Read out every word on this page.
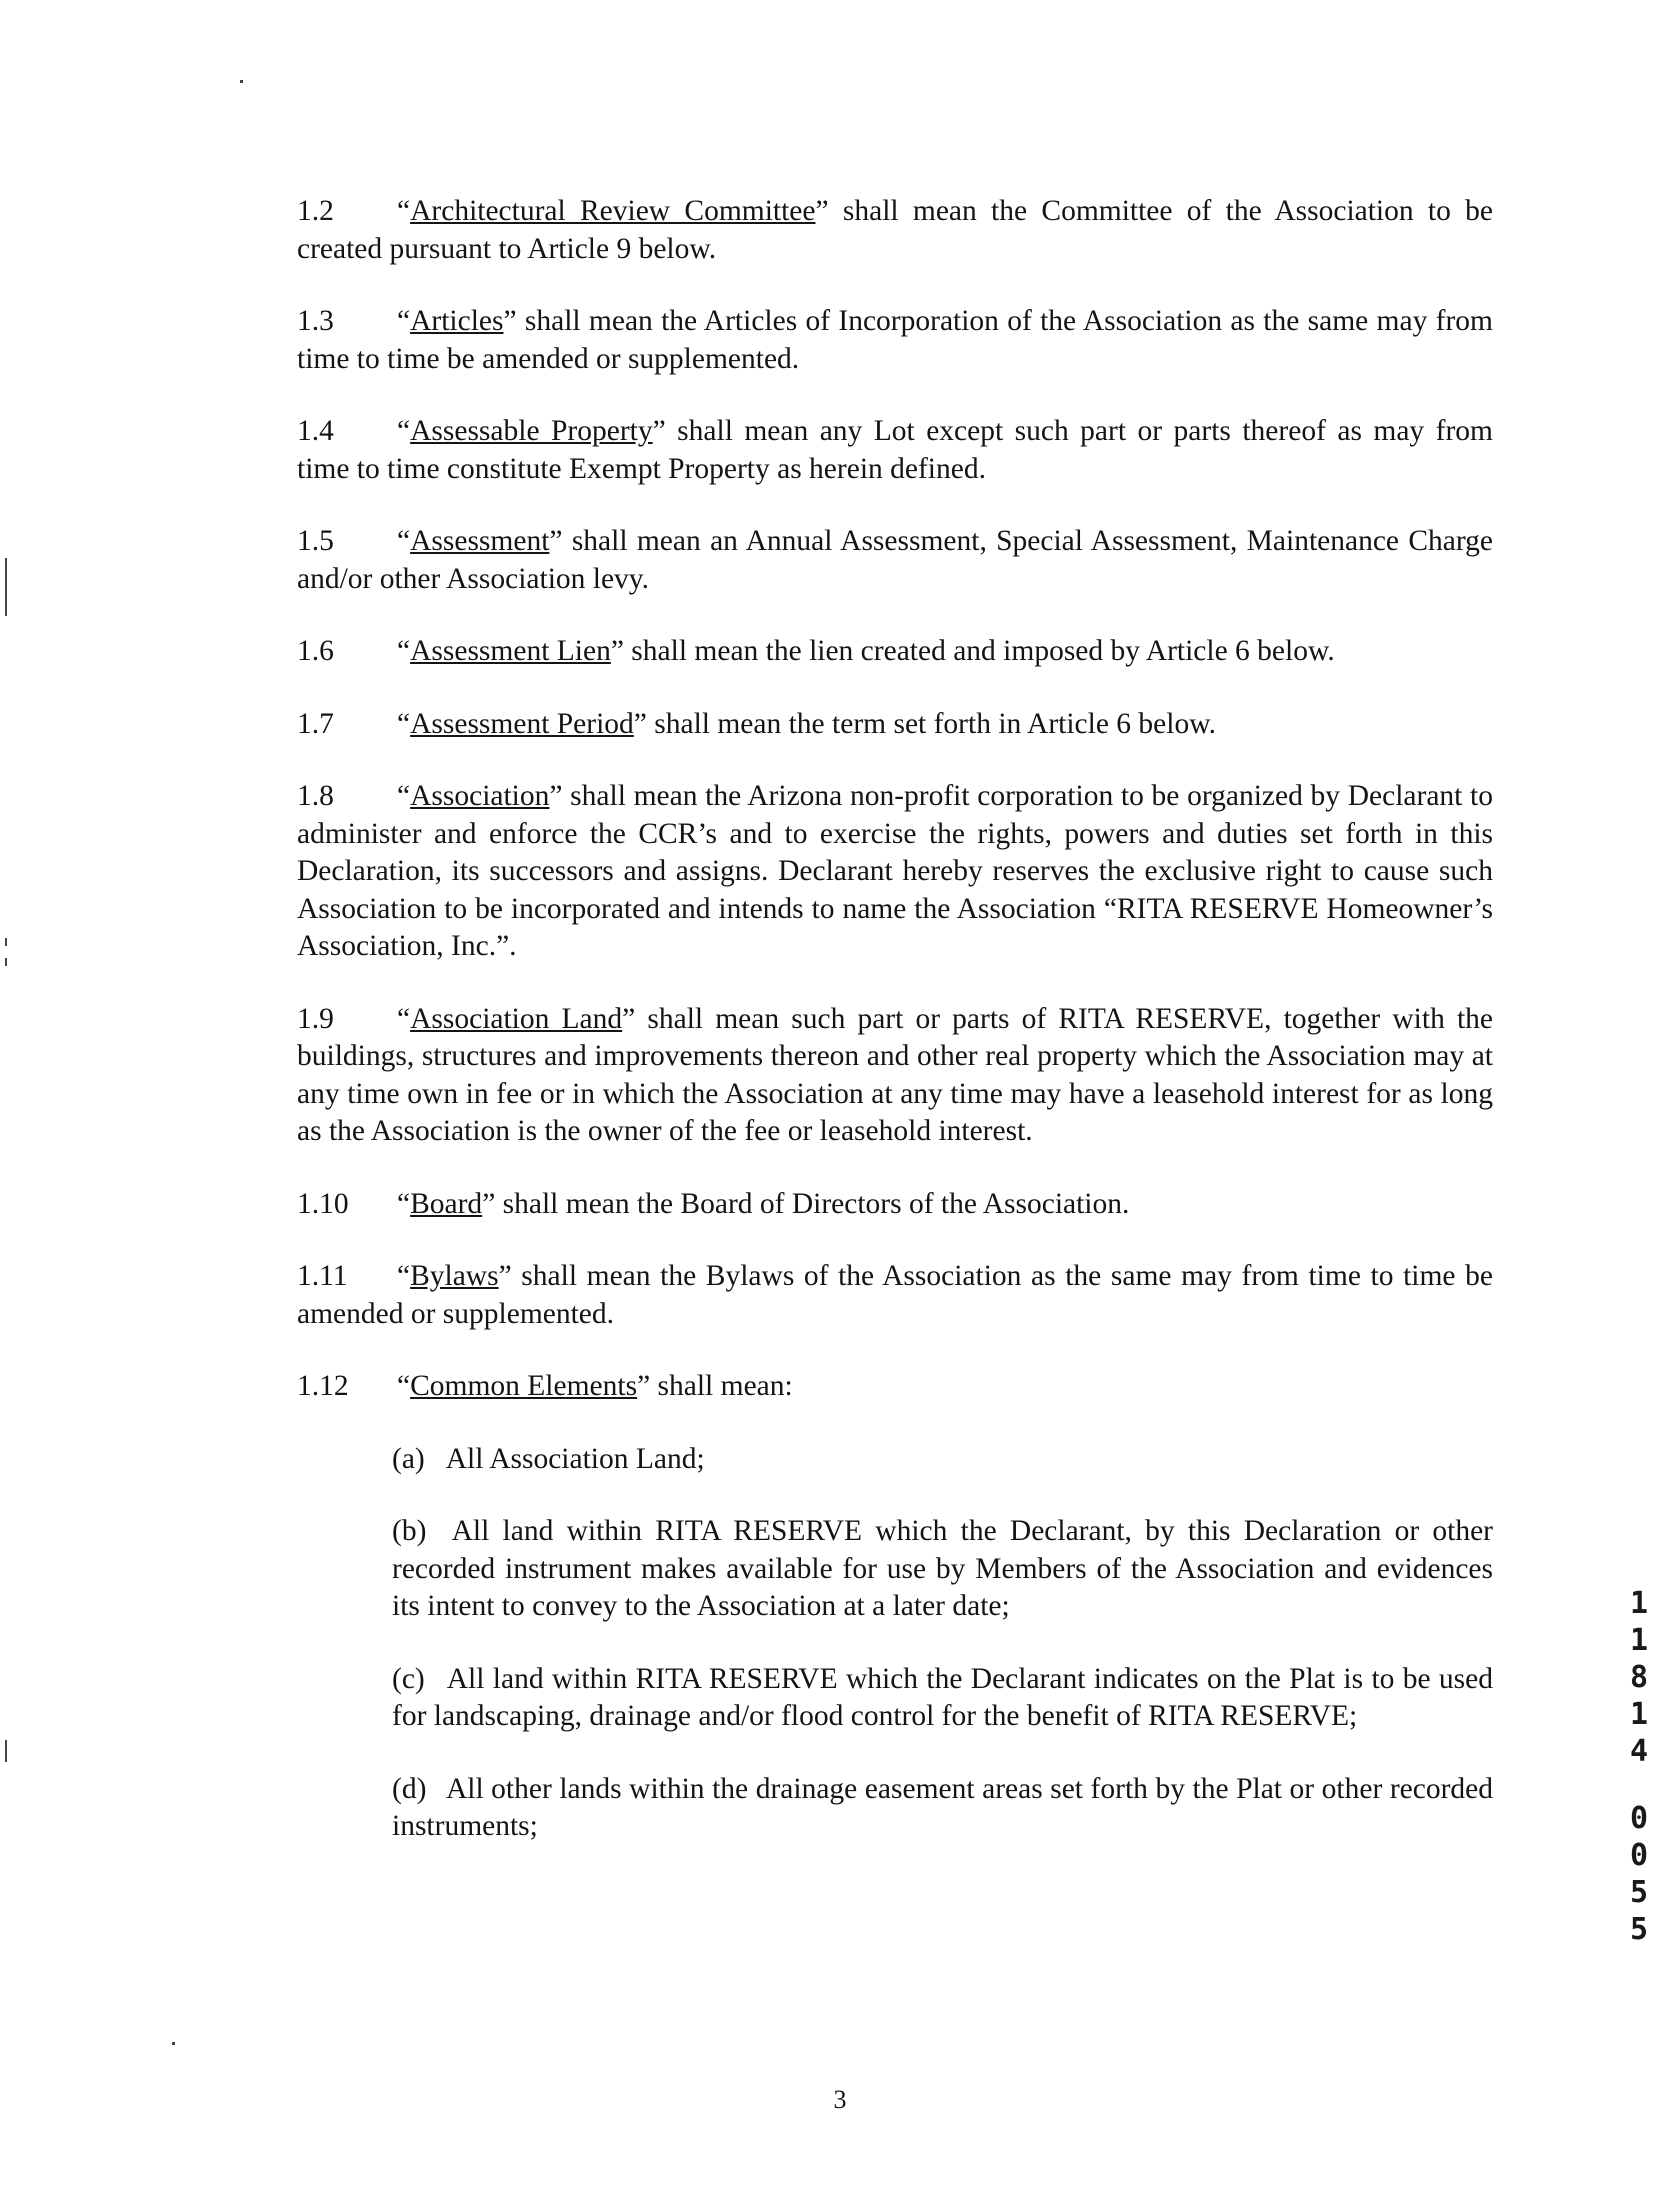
1.2 “Architectural Review Committee” shall mean the Committee of the Association to be created pursuant to Article 9 below.

1.3 “Articles” shall mean the Articles of Incorporation of the Association as the same may from time to time be amended or supplemented.

1.4 “Assessable Property” shall mean any Lot except such part or parts thereof as may from time to time constitute Exempt Property as herein defined.

1.5 “Assessment” shall mean an Annual Assessment, Special Assessment, Maintenance Charge and/or other Association levy.

1.6 “Assessment Lien” shall mean the lien created and imposed by Article 6 below.

1.7 “Assessment Period” shall mean the term set forth in Article 6 below.

1.8 “Association” shall mean the Arizona non-profit corporation to be organized by Declarant to administer and enforce the CCR’s and to exercise the rights, powers and duties set forth in this Declaration, its successors and assigns. Declarant hereby reserves the exclusive right to cause such Association to be incorporated and intends to name the Association “RITA RESERVE Homeowner’s Association, Inc.”.

1.9 “Association Land” shall mean such part or parts of RITA RESERVE, together with the buildings, structures and improvements thereon and other real property which the Association may at any time own in fee or in which the Association at any time may have a leasehold interest for as long as the Association is the owner of the fee or leasehold interest.

1.10 “Board” shall mean the Board of Directors of the Association.

1.11 “Bylaws” shall mean the Bylaws of the Association as the same may from time to time be amended or supplemented.

1.12 “Common Elements” shall mean:

(a) All Association Land;

(b) All land within RITA RESERVE which the Declarant, by this Declaration or other recorded instrument makes available for use by Members of the Association and evidences its intent to convey to the Association at a later date;

(c) All land within RITA RESERVE which the Declarant indicates on the Plat is to be used for landscaping, drainage and/or flood control for the benefit of RITA RESERVE;

(d) All other lands within the drainage easement areas set forth by the Plat or other recorded instruments;

1
1
8
1
4
0
0
5
5
3
